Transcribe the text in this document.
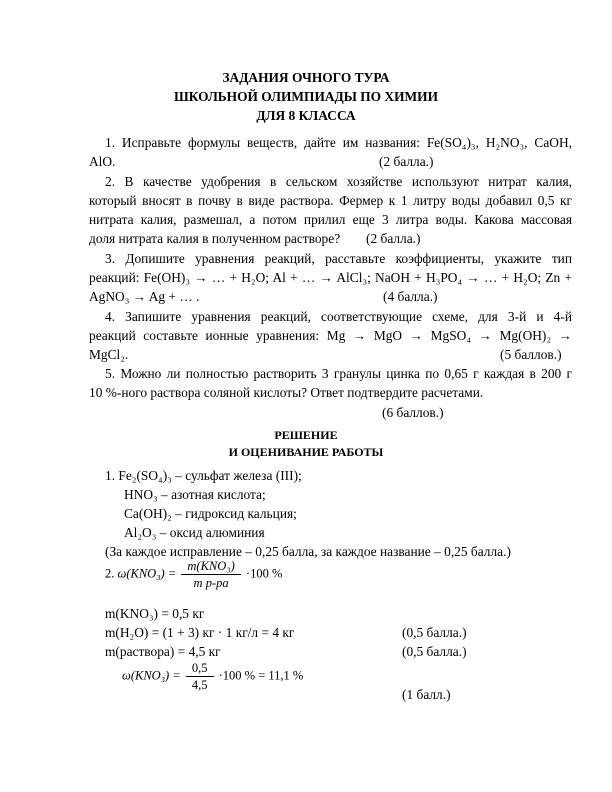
ЗАДАНИЯ ОЧНОГО ТУРА
ШКОЛЬНОЙ ОЛИМПИАДЫ ПО ХИМИИ
ДЛЯ 8 КЛАССА
1. Исправьте формулы веществ, дайте им названия: Fe(SO₄)₃, H₂NO₃, CaOH,
AlO.	(2 балла.)
2. В качестве удобрения в сельском хозяйстве используют нитрат калия,
который вносят в почву в виде раствора. Фермер к 1 литру воды добавил 0,5 кг
нитрата калия, размешал, а потом прилил еще 3 литра воды. Какова массовая
доля нитрата калия в полученном растворе? (2 балла.)
3. Допишите уравнения реакций, расставьте коэффициенты, укажите тип
реакций: Fe(OH)₃ → … + H₂O; Al + … → AlCl₃; NaOH + H₃PO₄ → … + H₂O; Zn +
AgNO₃ → Ag + … .	(4 балла.)
4. Запишите уравнения реакций, соответствующие схеме, для 3-й и 4-й
реакций составьте ионные уравнения: Mg → MgO → MgSO₄ → Mg(OH)₂ →
MgCl₂.	(5 баллов.)
5. Можно ли полностью растворить 3 гранулы цинка по 0,65 г каждая в 200 г
10 %-ного раствора соляной кислоты? Ответ подтвердите расчетами.
(6 баллов.)
РЕШЕНИЕ
И ОЦЕНИВАНИЕ РАБОТЫ
1. Fe₂(SO₄)₃ – сульфат железа (III);
HNO₃ – азотная кислота;
Ca(OH)₂ – гидроксид кальция;
Al₂O₃ – оксид алюминия
(За каждое исправление – 0,25 балла, за каждое название – 0,25 балла.)
2. $\omega(KNO_3) = \frac{\text{m(KNO₃)}}{\text{m р-ра}} \cdot 100$ %
m(KNO₃) = 0,5 кг
m(H₂O) = (1 + 3) кг · 1 кг/л = 4 кг	(0,5 балла.)
m(раствора) = 4,5 кг	(0,5 балла.)
$\omega(KNO_3) = \frac{0,5}{4,5} \cdot 100$ % = 11,1 %
(1 балл.)
